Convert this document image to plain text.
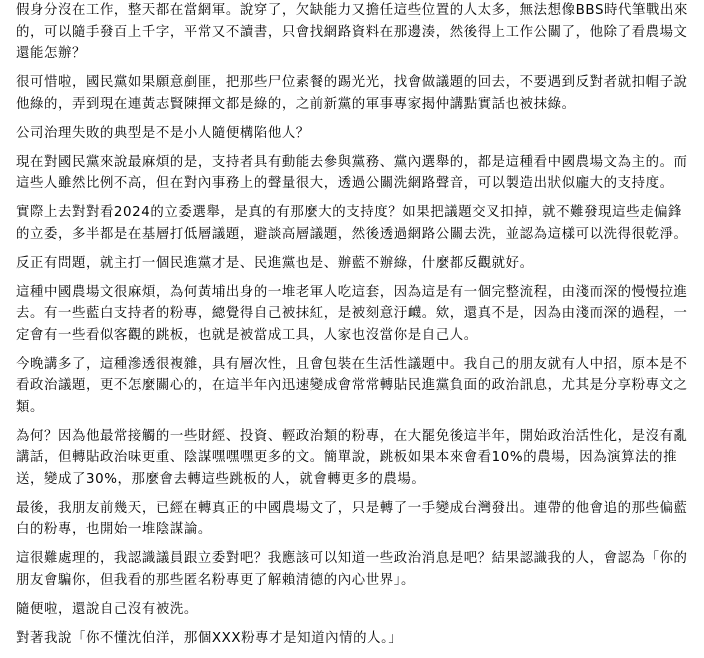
假身分沒在工作，整天都在當網軍。說穿了，欠缺能力又擔任這些位置的人太多，無法想像BBS時代筆戰出來的，可以隨手發百上千字，平常又不讀書，只會找網路資料在那邊湊，然後得上工作公關了，他除了看農場文還能怎辦？
很可惜啦，國民黨如果願意剷匪，把那些尸位素餐的踢光光，找會做議題的回去，不要遇到反對者就扣帽子說他綠的，弄到現在連黃志賢陳揮文都是綠的，之前新黨的軍事專家揭仲講點實話也被抹綠。
公司治理失敗的典型是不是小人隨便構陷他人？
現在對國民黨來說最麻煩的是，支持者具有動能去參與黨務、黨內選舉的，都是這種看中國農場文為主的。而這些人雖然比例不高，但在對內事務上的聲量很大，透過公關洗網路聲音，可以製造出狀似龐大的支持度。
實際上去對對看2024的立委選舉，是真的有那麼大的支持度？如果把議題交叉扣掉，就不難發現這些走偏鋒的立委，多半都是在基層打低層議題，避談高層議題，然後透過網路公關去洗，並認為這樣可以洗得很乾淨。
反正有問題，就主打一個民進黨才是、民進黨也是、辦藍不辦綠，什麼都反觀就好。
這種中國農場文很麻煩，為何黃埔出身的一堆老軍人吃這套，因為這是有一個完整流程，由淺而深的慢慢拉進去。有一些藍白支持者的粉專，總覺得自己被抹紅，是被刻意汙衊。欸，還真不是，因為由淺而深的過程，一定會有一些看似客觀的跳板，也就是被當成工具，人家也沒當你是自己人。
今晚講多了，這種滲透很複雜，具有層次性，且會包裝在生活性議題中。我自己的朋友就有人中招，原本是不看政治議題，更不怎麼關心的，在這半年內迅速變成會常常轉貼民進黨負面的政治訊息，尤其是分享粉專文之類。
為何？因為他最常接觸的一些財經、投資、輕政治類的粉專，在大罷免後這半年，開始政治活性化，是沒有亂講話，但轉貼政治味更重、陰謀嘿嘿嘿更多的文。簡單說，跳板如果本來會看10%的農場，因為演算法的推送，變成了30%，那麼會去轉這些跳板的人，就會轉更多的農場。
最後，我朋友前幾天，已經在轉真正的中國農場文了，只是轉了一手變成台灣發出。連帶的他會追的那些偏藍白的粉專，也開始一堆陰謀論。
這很難處理的，我認識議員跟立委對吧？我應該可以知道一些政治消息是吧？結果認識我的人，會認為「你的朋友會騙你，但我看的那些匿名粉專更了解賴清德的內心世界」。
隨便啦，還說自己沒有被洗。
對著我說「你不懂沈伯洋，那個XXX粉專才是知道內情的人。」
